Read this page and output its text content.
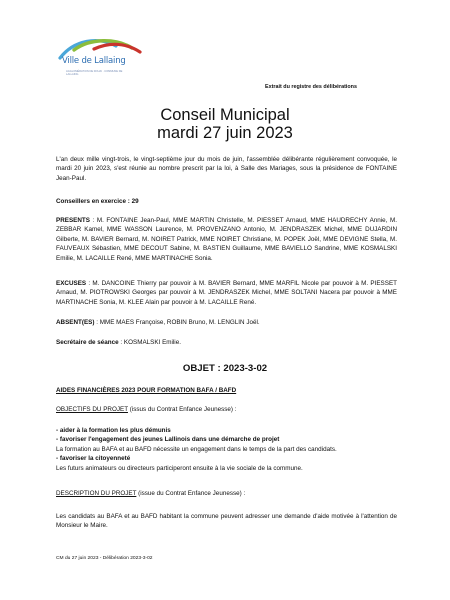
Ville de Lallaing
AGGLOMÉRATION DE DOUAI · COMMUNE DE LALLAING
Extrait du registre des délibérations
Conseil Municipal
mardi 27 juin 2023
L'an deux mille vingt-trois, le vingt-septième jour du mois de juin, l'assemblée délibérante régulièrement convoquée, le mardi 20 juin 2023, s'est réunie au nombre prescrit par la loi, à Salle des Mariages, sous la présidence de FONTAINE Jean-Paul.
Conseillers en exercice : 29
PRESENTS : M. FONTAINE Jean-Paul, MME MARTIN Christelle, M. PIESSET Arnaud, MME HAUDRECHY Annie, M. ZEBBAR Kamel, MME WASSON Laurence, M. PROVENZANO Antonio, M. JENDRASZEK Michel, MME DUJARDIN Gilberte, M. BAVIER Bernard, M. NOIRET Patrick, MME NOIRET Christiane, M. POPEK Joël, MME DEVIGNE Stella, M. FAUVEAUX Sébastien, MME DECOUT Sabine, M. BASTIEN Guillaume, MME BAVIELLO Sandrine, MME KOSMALSKI Emilie, M. LACAILLE René, MME MARTINACHE Sonia.
EXCUSES : M. DANCOINE Thierry par pouvoir à M. BAVIER Bernard, MME MARFIL Nicole par pouvoir à M. PIESSET Arnaud, M. PIOTROWSKI Georges par pouvoir à M. JENDRASZEK Michel, MME SOLTANI Nacera par pouvoir à MME MARTINACHE Sonia, M. KLEE Alain par pouvoir à M. LACAILLE René.
ABSENT(ES) : MME MAES Françoise, ROBIN Bruno, M. LENGLIN Joël.
Secrétaire de séance : KOSMALSKI Emilie.
OBJET : 2023-3-02
AIDES FINANCIÈRES 2023 POUR FORMATION BAFA / BAFD
OBJECTIFS DU PROJET (issus du Contrat Enfance Jeunesse) :
- aider à la formation les plus démunis
- favoriser l'engagement des jeunes Lallinois dans une démarche de projet
La formation au BAFA et au BAFD nécessite un engagement dans le temps de la part des candidats.
- favoriser la citoyenneté
Les futurs animateurs ou directeurs participeront ensuite à la vie sociale de la commune.
DESCRIPTION DU PROJET (issue du Contrat Enfance Jeunesse) :
Les candidats au BAFA et au BAFD habitant la commune peuvent adresser une demande d'aide motivée à l'attention de Monsieur le Maire.
CM du 27 juin 2023 - Délibération 2023-3-02
